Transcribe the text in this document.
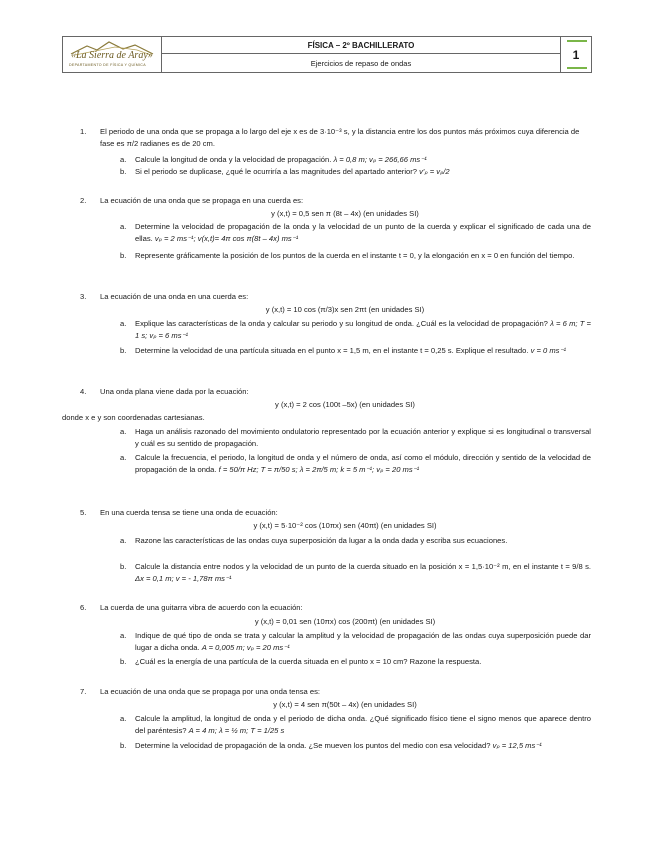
«La Sierra de Aray»
DEPARTAMENTO DE FÍSICA Y QUÍMICA
	FÍSICA – 2º BACHILLERATO	
1

Ejercicios de repaso de ondas
1. El periodo de una onda que se propaga a lo largo del eje x es de 3·10⁻³ s, y la distancia entre los dos puntos más próximos cuya diferencia de fase es π/2 radianes es de 20 cm.
a. Calcule la longitud de onda y la velocidad de propagación. λ = 0,8 m; vₚ = 266,66 ms⁻¹
b. Si el periodo se duplicase, ¿qué le ocurriría a las magnitudes del apartado anterior? v'ₚ = vₚ/2
2. La ecuación de una onda que se propaga en una cuerda es:
y (x,t) = 0,5 sen π (8t – 4x) (en unidades SI)
a. Determine la velocidad de propagación de la onda y la velocidad de un punto de la cuerda y explicar el significado de cada una de ellas. vₚ = 2 ms⁻¹; v(x,t)= 4π cos π(8t – 4x) ms⁻¹
b. Represente gráficamente la posición de los puntos de la cuerda en el instante t = 0, y la elongación en x = 0 en función del tiempo.
3. La ecuación de una onda en una cuerda es:
y (x,t) = 10 cos (π/3)x sen 2πt (en unidades SI)
a. Explique las características de la onda y calcular su periodo y su longitud de onda. ¿Cuál es la velocidad de propagación? λ = 6 m; T = 1 s; vₚ = 6 ms⁻¹
b. Determine la velocidad de una partícula situada en el punto x = 1,5 m, en el instante t = 0,25 s. Explique el resultado. v = 0 ms⁻¹
4. Una onda plana viene dada por la ecuación:
y (x,t) = 2 cos (100t –5x) (en unidades SI)
donde x e y son coordenadas cartesianas.
a. Haga un análisis razonado del movimiento ondulatorio representado por la ecuación anterior y explique si es longitudinal o transversal y cuál es su sentido de propagación.
a. Calcule la frecuencia, el periodo, la longitud de onda y el número de onda, así como el módulo, dirección y sentido de la velocidad de propagación de la onda. f = 50/π Hz; T = π/50 s; λ = 2π/5 m; k = 5 m⁻¹; vₚ = 20 ms⁻¹
5. En una cuerda tensa se tiene una onda de ecuación:
y (x,t) = 5·10⁻² cos (10πx) sen (40πt) (en unidades SI)
a. Razone las características de las ondas cuya superposición da lugar a la onda dada y escriba sus ecuaciones.
b. Calcule la distancia entre nodos y la velocidad de un punto de la cuerda situado en la posición x = 1,5·10⁻² m, en el instante t = 9/8 s. Δx = 0,1 m; v = - 1,78π ms⁻¹
6. La cuerda de una guitarra vibra de acuerdo con la ecuación:
y (x,t) = 0,01 sen (10πx) cos (200πt) (en unidades SI)
a. Indique de qué tipo de onda se trata y calcular la amplitud y la velocidad de propagación de las ondas cuya superposición puede dar lugar a dicha onda. A = 0,005 m; vₚ = 20 ms⁻¹
b. ¿Cuál es la energía de una partícula de la cuerda situada en el punto x = 10 cm? Razone la respuesta.
7. La ecuación de una onda que se propaga por una onda tensa es:
y (x,t) = 4 sen π(50t – 4x) (en unidades SI)
a. Calcule la amplitud, la longitud de onda y el periodo de dicha onda. ¿Qué significado físico tiene el signo menos que aparece dentro del paréntesis? A = 4 m; λ = ½ m; T = 1/25 s
b. Determine la velocidad de propagación de la onda. ¿Se mueven los puntos del medio con esa velocidad? vₚ = 12,5 ms⁻¹
